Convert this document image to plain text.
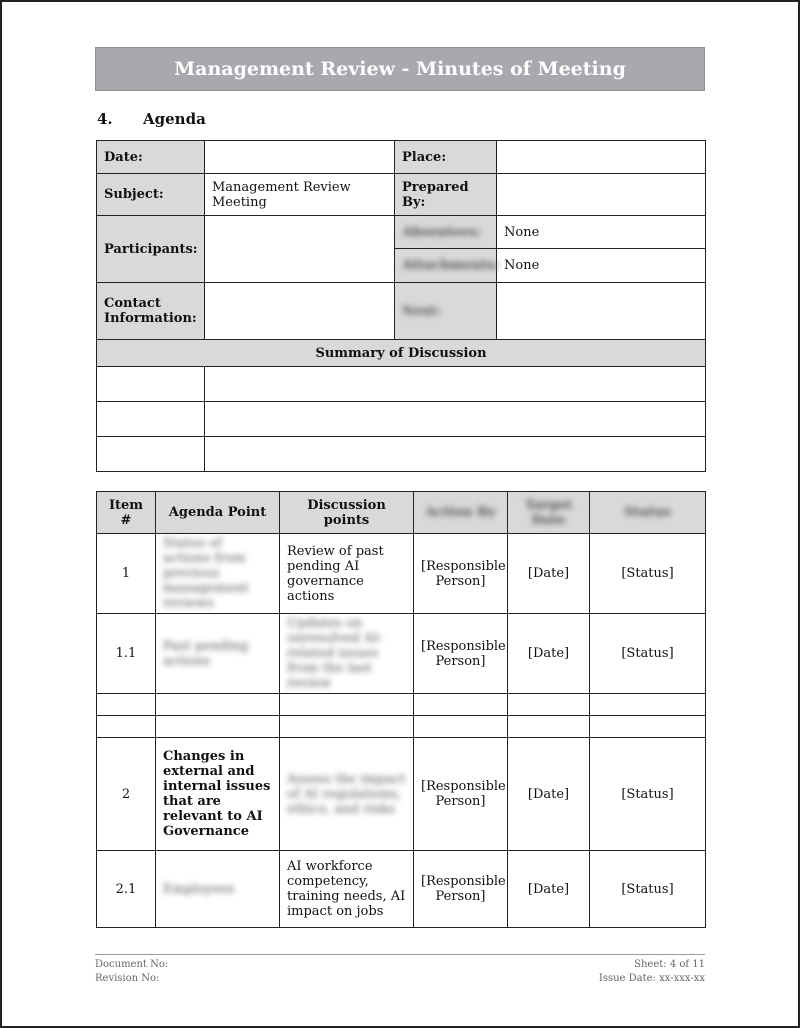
Management Review - Minutes of Meeting
4. Agenda
Date:		Place:	
Subject:	Management Review Meeting	Prepared By:	
Participants:		Absentees:	None
		Attachments:	None
Contact Information:		Next:	
Summary of Discussion			

Item #	Agenda Point	Discussion points	Action By	Target Date	Status
1	Status of actions from previous management reviews	Review of past pending AI governance actions	[Responsible Person]	[Date]	[Status]
1.1	Past pending actions	Updates on unresolved AI-related issues from the last review	[Responsible Person]	[Date]	[Status]

2	Changes in external and internal issues that are relevant to AI Governance	Assess the impact of AI regulations, ethics, and risks	[Responsible Person]	[Date]	[Status]
2.1	Employees	AI workforce competency, training needs, AI impact on jobs	[Responsible Person]	[Date]	[Status]
Document No:	Sheet: 4 of 11
Revision No:	Issue Date: xx-xxx-xx
